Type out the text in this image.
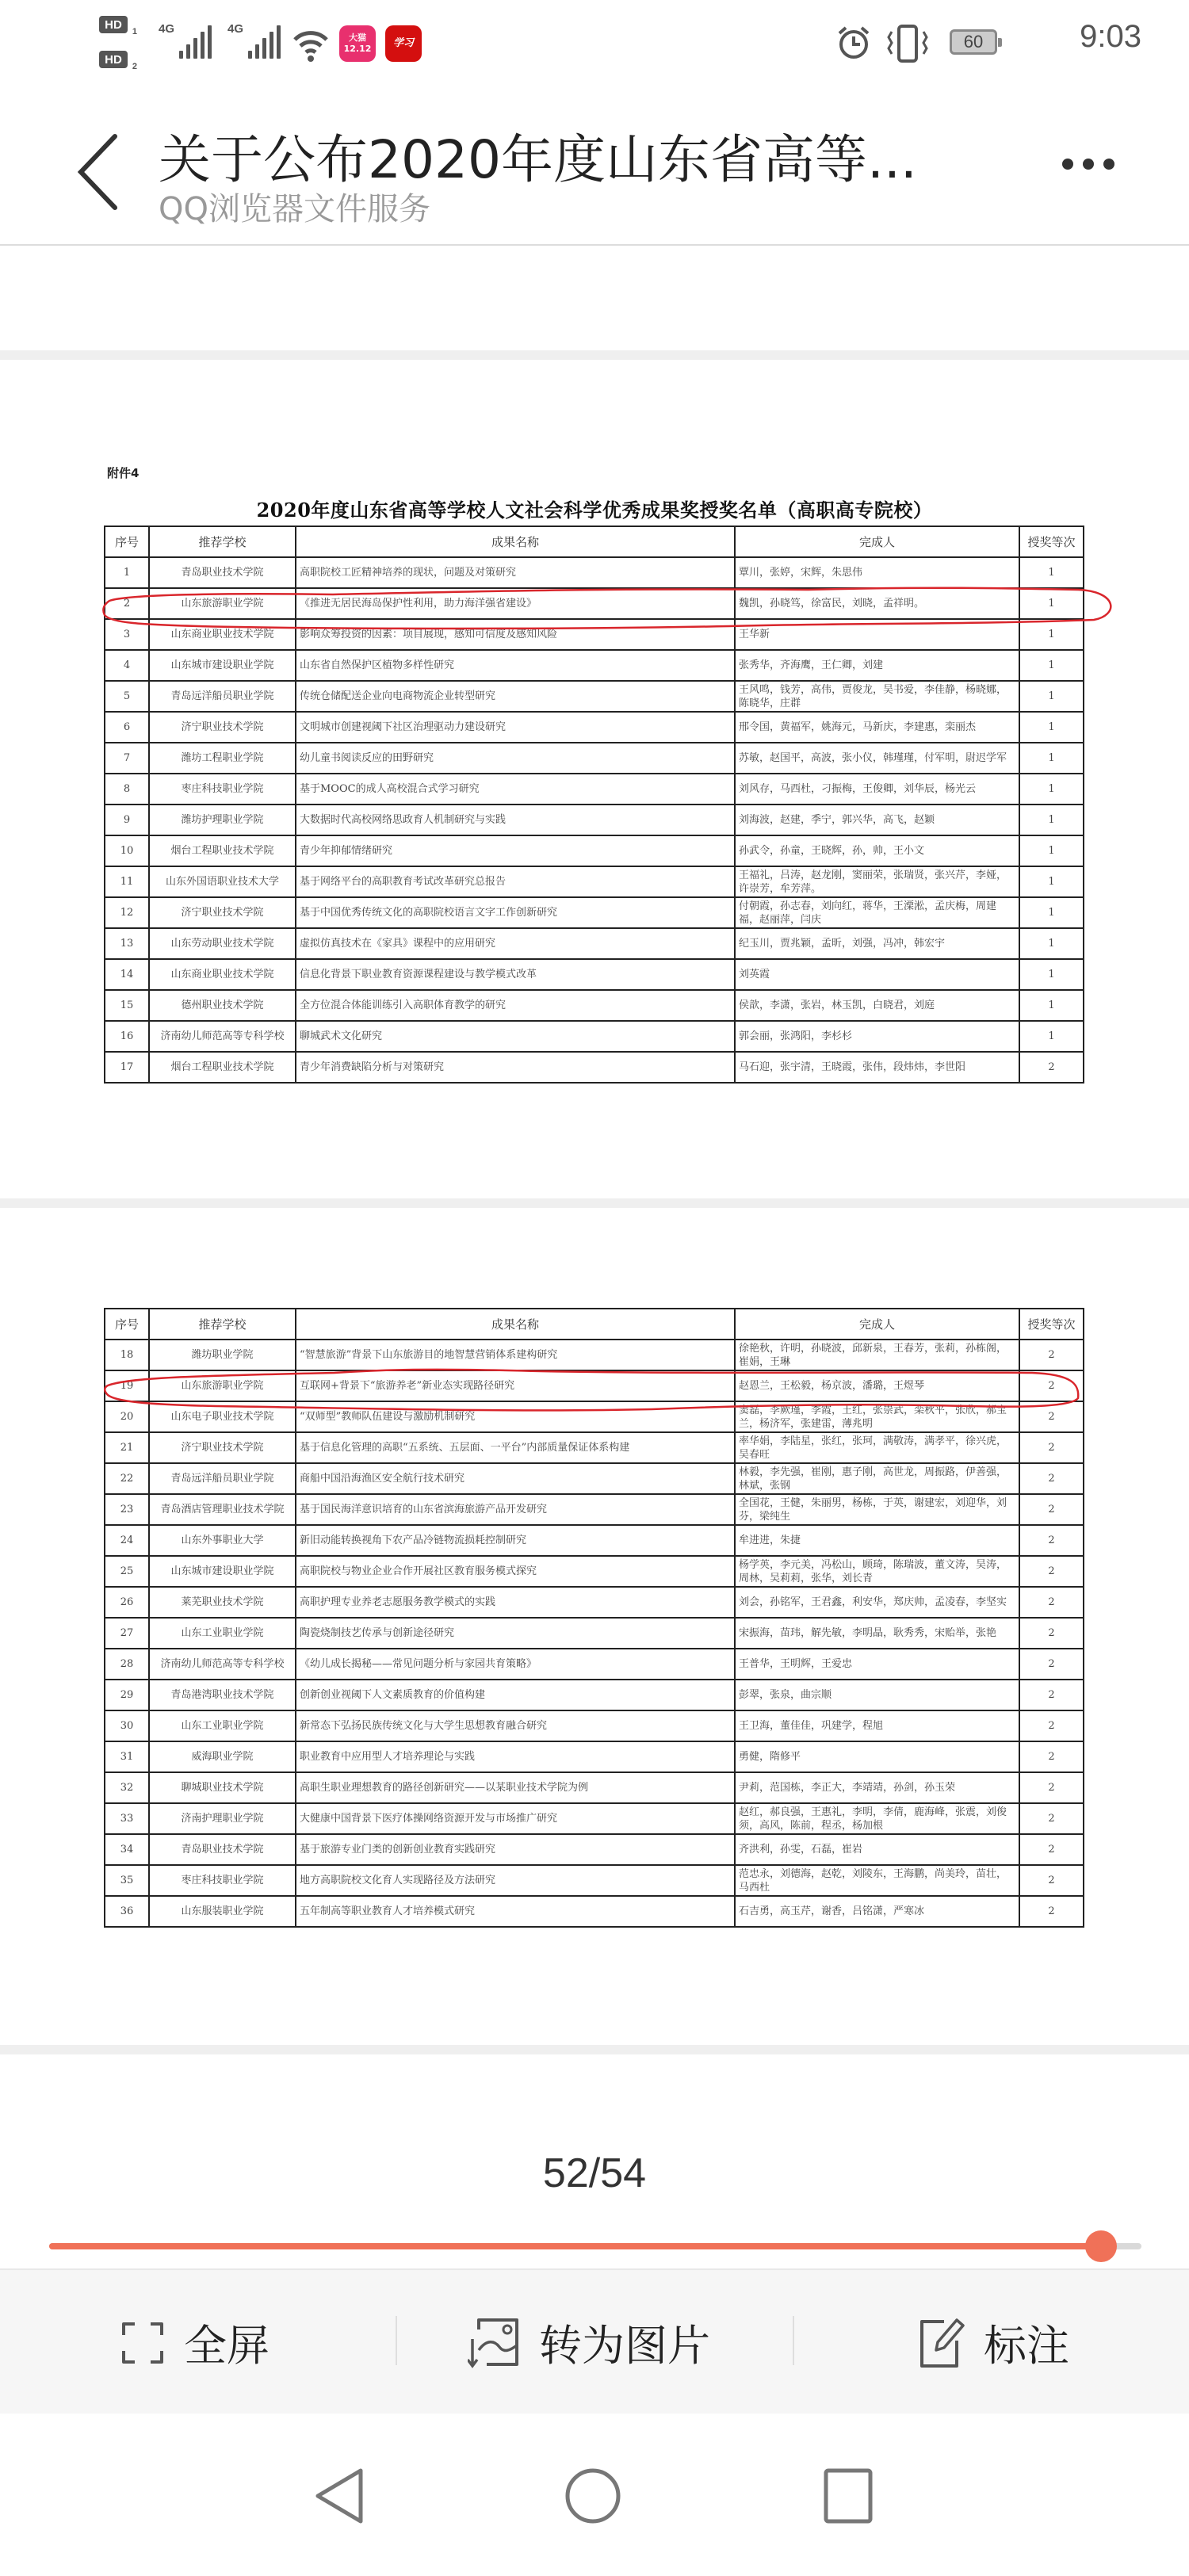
HD
$_1$
HD
$_2$
4G	4G
大猫 12.12	学习	60	9:03
关于公布2020年度山东省高等...
QQ浏览器文件服务
附件4
2020年度山东省高等学校人文社会科学优秀成果奖授奖名单（高职高专院校）
序号	推荐学校	成果名称	完成人	授奖等次
1	青岛职业技术学院	高职院校工匠精神培养的现状，问题及对策研究	覃川，张婷，宋辉，朱思伟	1
2	山东旅游职业学院	《推进无居民海岛保护性利用，助力海洋强省建设》	魏凯，孙晓笃，徐富民，刘晓，孟祥明。	1
3	山东商业职业技术学院	影响众筹投资的因素：项目展现，感知可信度及感知风险	王华新	1
4	山东城市建设职业学院	山东省自然保护区植物多样性研究	张秀华，齐海鹰，王仁卿，刘建	1
5	青岛远洋船员职业学院	传统仓储配送企业向电商物流企业转型研究	王风鸣，钱芳，高伟，贾俊龙，吴书爱，李佳静，杨晓娜，陈晓华，庄群	1
6	济宁职业技术学院	文明城市创建视阈下社区治理驱动力建设研究	邢令国，黄福军，姚海元，马新庆，李建惠，栾丽杰	1
7	潍坊工程职业学院	幼儿童书阅读反应的田野研究	苏敏，赵国平，高波，张小仪，韩瑾瑾，付军明，尉迟学军	1
8	枣庄科技职业学院	基于MOOC的成人高校混合式学习研究	刘风存，马西杜，刁振梅，王俊卿，刘华辰，杨光云	1
9	潍坊护理职业学院	大数据时代高校网络思政育人机制研究与实践	刘海波，赵建，季宁，郭兴华，高飞，赵颖	1
10	烟台工程职业技术学院	青少年抑郁情绪研究	孙武令，孙童，王晓辉，孙，帅，王小文	1
11	山东外国语职业技术大学	基于网络平台的高职教育考试改革研究总报告	王福礼，吕涛，赵龙刚，窦丽荣，张瑞贤，张兴芹，李娅，许崇芳，牟芳萍。	1
12	济宁职业技术学院	基于中国优秀传统文化的高职院校语言文字工作创新研究	付朝霞，孙志春，刘向红，蒋华，王溧淞，孟庆梅，周建福，赵丽萍，闫庆	1
13	山东劳动职业技术学院	虚拟仿真技术在《家具》课程中的应用研究	纪玉川，贾兆颖，孟昕，刘强，冯冲，韩宏宇	1
14	山东商业职业技术学院	信息化背景下职业教育资源课程建设与教学模式改革	刘英霞	1
15	德州职业技术学院	全方位混合体能训练引入高职体育教学的研究	侯歆，李潇，张岩，林玉凯，白晓君，刘庭	1
16	济南幼儿师范高等专科学校	聊城武术文化研究	郭会丽，张鸿阳，李杉杉	1
17	烟台工程职业技术学院	青少年消费缺陷分析与对策研究	马石迎，张宇清，王晓霞，张伟，段炜炜，李世阳	2
序号	推荐学校	成果名称	完成人	授奖等次
18	潍坊职业学院	“智慧旅游”背景下山东旅游目的地智慧营销体系建构研究	徐艳秋，许明，孙晓波，邱新泉，王春芳，张莉，孙栋阁，崔娟，王琳	2
19	山东旅游职业学院	互联网+背景下“旅游养老”新业态实现路径研究	赵恩兰，王松毅，杨京波，潘璐，王煜琴	2
20	山东电子职业技术学院	“双师型”教师队伍建设与激励机制研究	窦磊，李厥瑾，李霞，王红，张崇武，栾秋平，张欣，郝宝兰，杨济军，张建雷，薄兆明	2
21	济宁职业技术学院	基于信息化管理的高职“五系统、五层面、一平台”内部质量保证体系构建	率华娟，李陆星，张红，张珂，满敬涛，满孝平，徐兴虎，吴春旺	2
22	青岛远洋船员职业学院	商船中国沿海渔区安全航行技术研究	林毅，李先强，崔刚，惠子刚，高世龙，周振路，伊善强，林斌，张钢	2
23	青岛酒店管理职业技术学院	基于国民海洋意识培育的山东省滨海旅游产品开发研究	全国花，王健，朱丽男，杨栋，于英，谢建宏，刘迎华，刘芬，梁纯生	2
24	山东外事职业大学	新旧动能转换视角下农产品冷链物流损耗控制研究	牟进进，朱捷	2
25	山东城市建设职业学院	高职院校与物业企业合作开展社区教育服务模式探究	杨学英，李元美，冯松山，顾琦，陈瑞波，董文涛，吴涛，周林，吴莉莉，张华，刘长青	2
26	莱芜职业技术学院	高职护理专业养老志愿服务教学模式的实践	刘会，孙铭军，王君鑫，利安华，郑庆帅，孟凌春，李坚实	2
27	山东工业职业学院	陶瓷烧制技艺传承与创新途径研究	宋振海，苗玮，解先敏，李明晶，耿秀秀，宋贻举，张艳	2
28	济南幼儿师范高等专科学校	《幼儿成长揭秘——常见问题分析与家园共育策略》	王普华，王明辉，王爱忠	2
29	青岛港湾职业技术学院	创新创业视阈下人文素质教育的价值构建	彭翠，张泉，曲宗顺	2
30	山东工业职业学院	新常态下弘扬民族传统文化与大学生思想教育融合研究	王卫海，董佳佳，巩建学，程旭	2
31	威海职业学院	职业教育中应用型人才培养理论与实践	勇健，隋修平	2
32	聊城职业技术学院	高职生职业理想教育的路径创新研究——以某职业技术学院为例	尹莉，范国栋，李正大，李靖靖，孙剑，孙玉荣	2
33	济南护理职业学院	大健康中国背景下医疗体操网络资源开发与市场推广研究	赵红，郝良强，王惠礼，李明，李倩，鹿海峰，张震，刘俊须，高风，陈前，程丞，杨加根	2
34	青岛职业技术学院	基于旅游专业门类的创新创业教育实践研究	齐洪利，孙雯，石磊，崔岩	2
35	枣庄科技职业学院	地方高职院校文化育人实现路径及方法研究	范忠永，刘德海，赵乾，刘陵东，王海鹏，尚美玲，苗壮，马西杜	2
36	山东服装职业学院	五年制高等职业教育人才培养模式研究	石吉勇，高玉芹，谢香，吕铭潇，严寒冰	2
52/54
全屏	转为图片	标注
